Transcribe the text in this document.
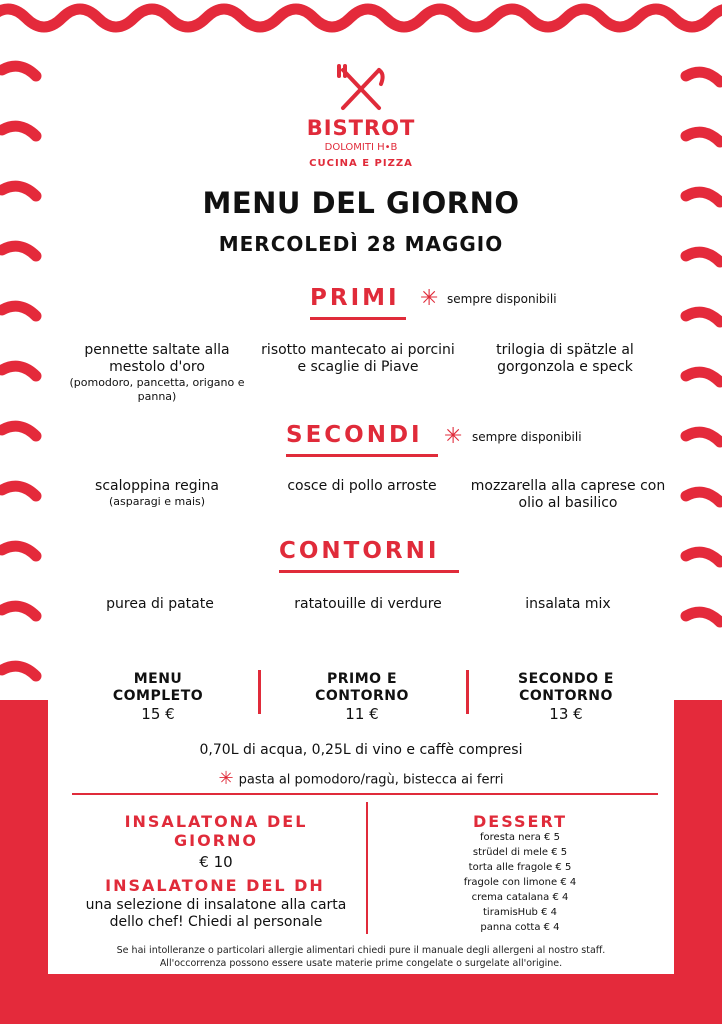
BISTROT
DOLOMITI H•B
CUCINA E PIZZA
MENU DEL GIORNO
MERCOLEDÌ 28 MAGGIO
PRIMI ✳ sempre disponibili
pennette saltate alla mestolo d'oro
(pomodoro, pancetta, origano e panna)
risotto mantecato ai porcini e scaglie di Piave
trilogia di spätzle al gorgonzola e speck
SECONDI ✳ sempre disponibili
scaloppina regina
(asparagi e mais)
cosce di pollo arroste	mozzarella alla caprese con olio al basilico
CONTORNI
purea di patate	ratatouille di verdure	insalata mix
MENU
COMPLETO
15 €
PRIMO E
CONTORNO
11 €
SECONDO E
CONTORNO
13 €
0,70L di acqua, 0,25L di vino e caffè compresi
✳ pasta al pomodoro/ragù, bistecca ai ferri
INSALATONA DEL
GIORNO
€ 10
INSALATONE DEL DH
una selezione di insalatone alla carta
dello chef! Chiedi al personale
DESSERT
foresta nera € 5
strüdel di mele € 5
torta alle fragole € 5
fragole con limone € 4
crema catalana € 4
tiramisHub € 4
panna cotta € 4
Se hai intolleranze o particolari allergie alimentari chiedi pure il manuale degli allergeni al nostro staff.
All'occorrenza possono essere usate materie prime congelate o surgelate all'origine.
